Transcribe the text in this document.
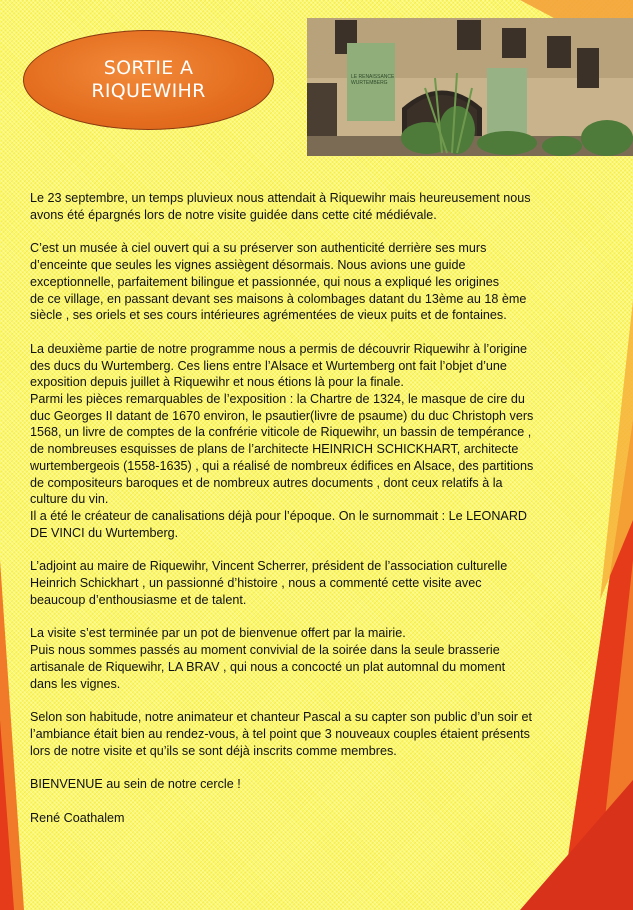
LE RENAISSANCE WURTEMBERG
SORTIE A
RIQUEWIHR

Le 23 septembre, un temps pluvieux nous attendait à Riquewihr mais heureusement nous
avons été épargnés lors de notre visite guidée dans cette cité médiévale.

C’est un musée à ciel ouvert qui a su préserver son authenticité derrière ses murs
d’enceinte que seules les vignes assiègent désormais. Nous avions une guide
exceptionnelle, parfaitement bilingue et passionnée, qui nous a expliqué les origines
de ce village, en passant devant ses maisons à colombages datant du 13ème au 18 ème
siècle , ses oriels et ses cours intérieures agrémentées de vieux puits et de fontaines.

La deuxième partie de notre programme nous a permis de découvrir Riquewihr à l’origine
des ducs du Wurtemberg. Ces liens entre l’Alsace et Wurtemberg ont fait l’objet d’une
exposition depuis juillet à Riquewihr et nous étions là pour la finale.
Parmi les pièces remarquables de l’exposition : la Chartre de 1324, le masque de cire du
duc Georges II datant de 1670 environ, le psautier(livre de psaume) du duc Christoph vers
1568, un livre de comptes de la confrérie viticole de Riquewihr, un bassin de tempérance ,
de nombreuses esquisses de plans de l’architecte HEINRICH SCHICKHART, architecte
wurtembergeois (1558-1635) , qui a réalisé de nombreux édifices en Alsace, des partitions
de compositeurs baroques et de nombreux autres documents , dont ceux relatifs à la
culture du vin.
Il a été le créateur de canalisations déjà pour l’époque. On le surnommait : Le LEONARD
DE VINCI du Wurtemberg.

L’adjoint au maire de Riquewihr, Vincent Scherrer, président de l’association culturelle
Heinrich Schickhart , un passionné d’histoire , nous a commenté cette visite avec
beaucoup d’enthousiasme et de talent.

La visite s’est terminée par un pot de bienvenue offert par la mairie.
Puis nous sommes passés au moment convivial de la soirée dans la seule brasserie
artisanale de Riquewihr, LA BRAV , qui nous a concocté un plat automnal du moment
dans les vignes.

Selon son habitude, notre animateur et chanteur Pascal a su capter son public d’un soir et
l’ambiance était bien au rendez-vous, à tel point que 3 nouveaux couples étaient présents
lors de notre visite et qu’ils se sont déjà inscrits comme membres.

BIENVENUE au sein de notre cercle !

René Coathalem
